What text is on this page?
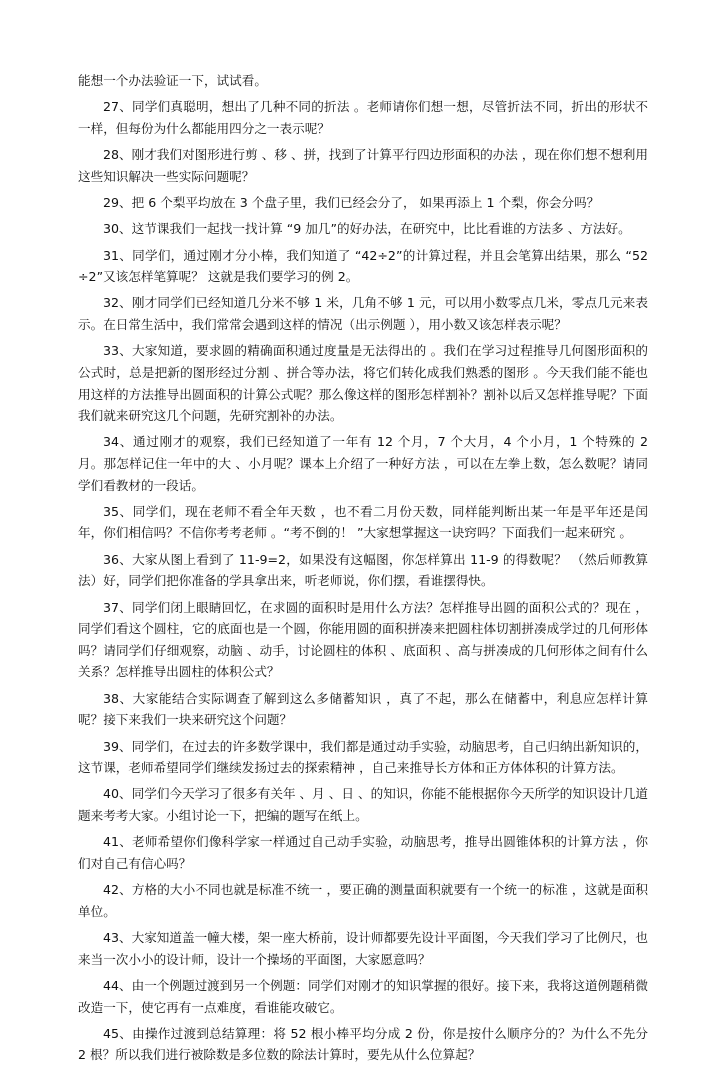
能想一个办法验证一下，试试看。

27、同学们真聪明，想出了几种不同的折法 。老师请你们想一想，尽管折法不同，折出的形状不一样，但每份为什么都能用四分之一表示呢？

28、刚才我们对图形进行剪 、移 、拼，找到了计算平行四边形面积的办法 ，现在你们想不想利用这些知识解决一些实际问题呢？

29、把 6 个梨平均放在 3 个盘子里，我们已经会分了， 如果再添上 1 个梨，你会分吗？

30、这节课我们一起找一找计算 “9 加几”的好办法，在研究中，比比看谁的方法多 、方法好。

31、同学们，通过刚才分小棒，我们知道了 “42÷2”的计算过程，并且会笔算出结果，那么 “52÷2”又该怎样笔算呢？ 这就是我们要学习的例 2。

32、刚才同学们已经知道几分米不够 1 米，几角不够 1 元，可以用小数零点几米，零点几元来表示。在日常生活中，我们常常会遇到这样的情况（出示例题 ），用小数又该怎样表示呢？

33、大家知道，要求圆的精确面积通过度量是无法得出的 。我们在学习过程推导几何图形面积的公式时，总是把新的图形经过分割 、拼合等办法，将它们转化成我们熟悉的图形 。今天我们能不能也用这样的方法推导出圆面积的计算公式呢？那么像这样的图形怎样割补？割补以后又怎样推导呢？下面我们就来研究这几个问题，先研究割补的办法。

34、通过刚才的观察，我们已经知道了一年有 12 个月，7 个大月，4 个小月，1 个特殊的 2 月。那怎样记住一年中的大 、小月呢？课本上介绍了一种好方法 ，可以在左拳上数，怎么数呢？请同学们看教材的一段话。

35、同学们，现在老师不看全年天数 ，也不看二月份天数，同样能判断出某一年是平年还是闰年，你们相信吗？不信你考考老师 。“考不倒的！ ”大家想掌握这一诀窍吗？下面我们一起来研究 。

36、大家从图上看到了 11-9=2，如果没有这幅图，你怎样算出 11-9 的得数呢？ （然后师教算法）好，同学们把你准备的学具拿出来，听老师说，你们摆，看谁摆得快。

37、同学们闭上眼睛回忆，在求圆的面积时是用什么方法？怎样推导出圆的面积公式的？现在 ，同学们看这个圆柱，它的底面也是一个圆，你能用圆的面积拼凑来把圆柱体切割拼凑成学过的几何形体吗？请同学们仔细观察，动脑 、动手，讨论圆柱的体积 、底面积 、高与拼凑成的几何形体之间有什么关系？怎样推导出圆柱的体积公式？

38、大家能结合实际调查了解到这么多储蓄知识 ，真了不起，那么在储蓄中，利息应怎样计算呢？接下来我们一块来研究这个问题？

39、同学们，在过去的许多数学课中，我们都是通过动手实验，动脑思考，自己归纳出新知识的，这节课，老师希望同学们继续发扬过去的探索精神 ，自己来推导长方体和正方体体积的计算方法。

40、同学们今天学习了很多有关年 、月 、日 、的知识，你能不能根据你今天所学的知识设计几道题来考考大家。小组讨论一下，把编的题写在纸上。

41、老师希望你们像科学家一样通过自己动手实验，动脑思考，推导出圆锥体积的计算方法 ，你们对自己有信心吗？

42、方格的大小不同也就是标准不统一 ，要正确的测量面积就要有一个统一的标准 ，这就是面积单位。

43、大家知道盖一幢大楼，架一座大桥前，设计师都要先设计平面图，今天我们学习了比例尺，也来当一次小小的设计师，设计一个操场的平面图，大家愿意吗？

44、由一个例题过渡到另一个例题：同学们对刚才的知识掌握的很好。接下来，我将这道例题稍微改造一下，使它再有一点难度，看谁能攻破它。

45、由操作过渡到总结算理：将 52 根小棒平均分成 2 份，你是按什么顺序分的？为什么不先分 2 根？所以我们进行被除数是多位数的除法计算时，要先从什么位算起？
